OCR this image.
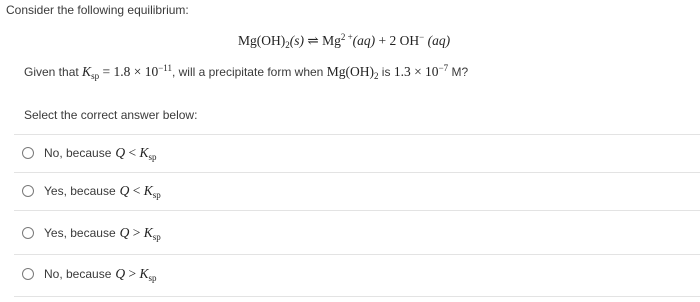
Consider the following equilibrium:
$Mg(OH)_2(s)$ ⇌ $Mg^{2 +}(aq) + 2$ OH− (aq)
Given that $K_{sp} = 1.8 \times 10^{-11}$, will a precipitate form when $Mg(OH)_2$ is $1.3 \times 10^{-7}$ M?
Select the correct answer below:
No, because $Q < K_{sp}$
Yes, because $Q < K_{sp}$
Yes, because $Q > K_{sp}$
No, because $Q > K_{sp}$
